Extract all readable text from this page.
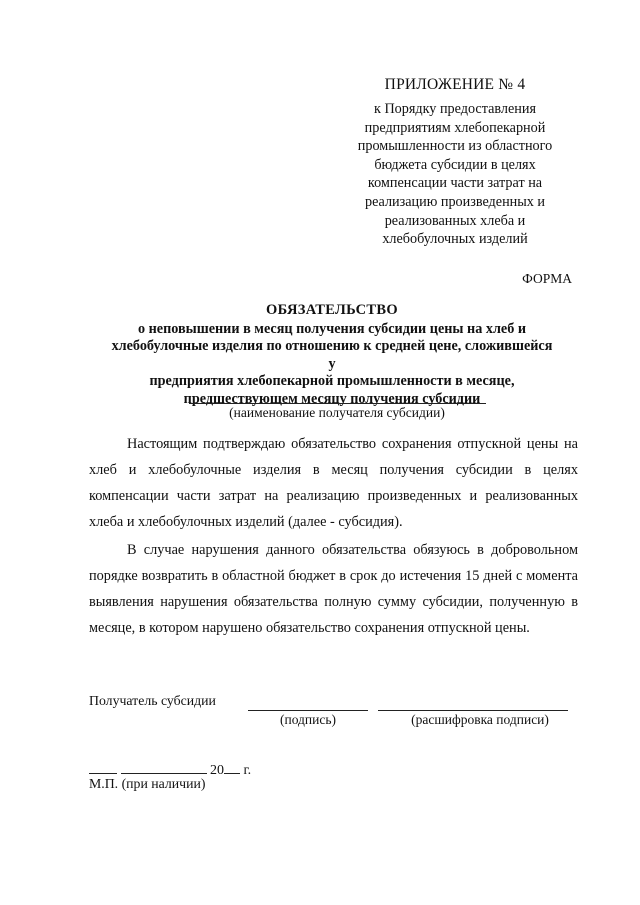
ПРИЛОЖЕНИЕ № 4
к Порядку предоставления
предприятиям хлебопекарной
промышленности из областного
бюджета субсидии в целях
компенсации части затрат на
реализацию произведенных и
реализованных хлеба и
хлебобулочных изделий
ФОРМА
ОБЯЗАТЕЛЬСТВО
о неповышении в месяц получения субсидии цены на хлеб и
хлебобулочные изделия по отношению к средней цене, сложившейся у
предприятия хлебопекарной промышленности в месяце,
предшествующем месяцу получения субсидии
(наименование получателя субсидии)
Настоящим подтверждаю обязательство сохранения отпускной цены на хлеб и хлебобулочные изделия в месяц получения субсидии в целях компенсации части затрат на реализацию произведенных и реализованных хлеба и хлебобулочных изделий (далее - субсидия).
В случае нарушения данного обязательства обязуюсь в добровольном порядке возвратить в областной бюджет в срок до истечения 15 дней с момента выявления нарушения обязательства полную сумму субсидии, полученную в месяце, в котором нарушено обязательство сохранения отпускной цены.
Получатель субсидии
(подпись)	(расшифровка подписи)
20 г.
М.П. (при наличии)
